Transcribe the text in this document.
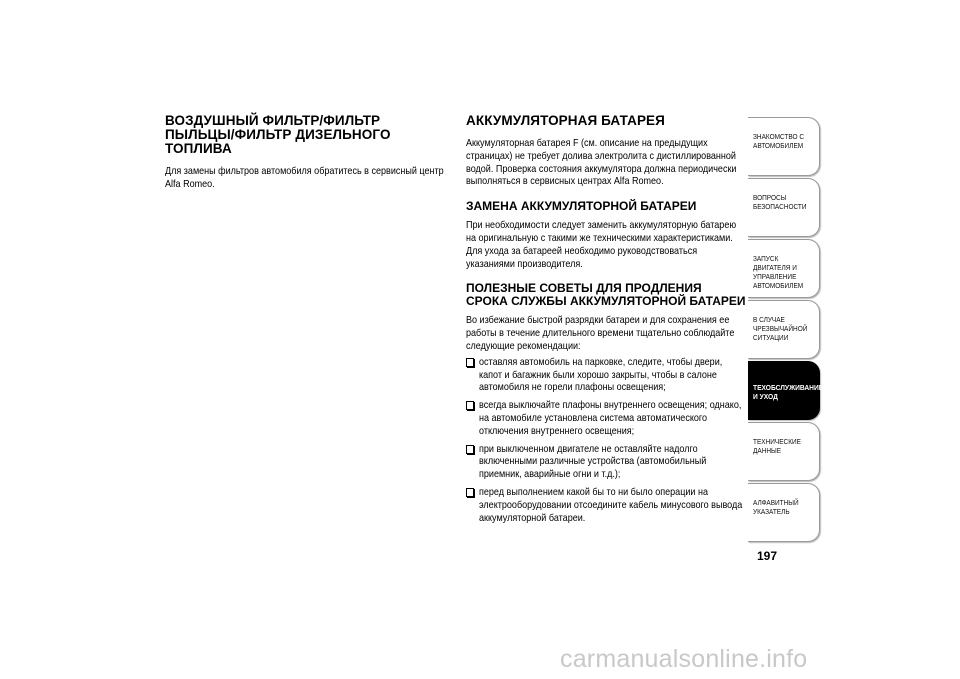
ВОЗДУШНЫЙ ФИЛЬТР/ФИЛЬТР ПЫЛЬЦЫ/ФИЛЬТР ДИЗЕЛЬНОГО ТОПЛИВА

Для замены фильтров автомобиля обратитесь в сервисный центр Alfa Romeo.

АККУМУЛЯТОРНАЯ БАТАРЕЯ

Аккумуляторная батарея F (см. описание на предыдущих страницах) не требует долива электролита с дистиллированной водой. Проверка состояния аккумулятора должна периодически выполняться в сервисных центрах Alfa Romeo.

ЗАМЕНА АККУМУЛЯТОРНОЙ БАТАРЕИ

При необходимости следует заменить аккумуляторную батарею на оригинальную с такими же техническими характеристиками. Для ухода за батареей необходимо руководствоваться указаниями производителя.

ПОЛЕЗНЫЕ СОВЕТЫ ДЛЯ ПРОДЛЕНИЯ СРОКА СЛУЖБЫ АККУМУЛЯТОРНОЙ БАТАРЕИ

Во избежание быстрой разрядки батареи и для сохранения ее работы в течение длительного времени тщательно соблюдайте следующие рекомендации:

оставляя автомобиль на парковке, следите, чтобы двери, капот и багажник были хорошо закрыты, чтобы в салоне автомобиля не горели плафоны освещения;
всегда выключайте плафоны внутреннего освещения; однако, на автомобиле установлена система автоматического отключения внутреннего освещения;
при выключенном двигателе не оставляйте надолго включенными различные устройства (автомобильный приемник, аварийные огни и т.д.);
перед выполнением какой бы то ни было операции на электрооборудовании отсоедините кабель минусового вывода аккумуляторной батареи.
ЗНАКОМСТВО С
АВТОМОБИЛЕМ
ВОПРОСЫ
БЕЗОПАСНОСТИ
ЗАПУСК ДВИГАТЕЛЯ И
УПРАВЛЕНИЕ
АВТОМОБИЛЕМ
В СЛУЧАЕ
ЧРЕЗВЫЧАЙНОЙ
СИТУАЦИИ
ТЕХОБСЛУЖИВАНИЕ
И УХОД
ТЕХНИЧЕСКИЕ
ДАННЫЕ
АЛФАВИТНЫЙ
УКАЗАТЕЛЬ
197
carmanualsonline.info
